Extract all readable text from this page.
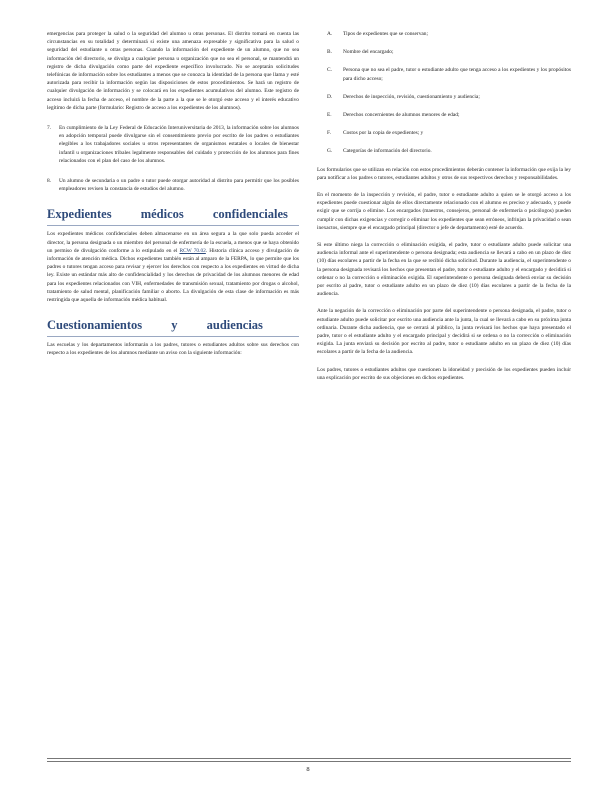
emergencias para proteger la salud o la seguridad del alumno u otras personas. El distrito tomará en cuenta las circunstancias en su totalidad y determinará si existe una amenaza expresable y significativa para la salud o seguridad del estudiante u otras personas. Cuando la información del expediente de un alumno, que no sea información del directorio, se divulga a cualquier persona u organización que no sea el personal, se mantendrá un registro de dicha divulgación como parte del expediente específico involucrado. No se aceptarán solicitudes telefónicas de información sobre los estudiantes a menos que se conozca la identidad de la persona que llama y esté autorizada para recibir la información según las disposiciones de estos procedimientos. Se hará un registro de cualquier divulgación de información y se colocará en los expedientes acumulativos del alumno. Este registro de acceso incluirá la fecha de acceso, el nombre de la parte a la que se le otorgó este acceso y el interés educativo legítimo de dicha parte (formulario: Registro de acceso a los expedientes de los alumnos).

7.	En cumplimiento de la Ley Federal de Educación Interuniversitaria de 2013, la información sobre los alumnos en adopción temporal puede divulgarse sin el consentimiento previo por escrito de los padres o estudiantes elegibles a los trabajadores sociales u otros representantes de organismos estatales o locales de bienestar infantil u organizaciones tribales legalmente responsables del cuidado y protección de los alumnos para fines relacionados con el plan del caso de los alumnos.

8.	Un alumno de secundaria o un padre o tutor puede otorgar autoridad al distrito para permitir que los posibles empleadores revisen la constancia de estudios del alumno.

Expedientes médicos confidenciales

Los expedientes médicos confidenciales deben almacenarse en un área segura a la que solo pueda acceder el director, la persona designada o un miembro del personal de enfermería de la escuela, a menos que se haya obtenido un permiso de divulgación conforme a lo estipulado en el RCW 70.02. Historia clínica acceso y divulgación de información de atención médica. Dichos expedientes también están al amparo de la FERPA, lo que permite que los padres o tutores tengan acceso para revisar y ejercer los derechos con respecto a los expedientes en virtud de dicha ley. Existe un estándar más alto de confidencialidad y los derechos de privacidad de los alumnos menores de edad para los expedientes relacionados con VIH, enfermedades de transmisión sexual, tratamiento por drogas o alcohol, tratamiento de salud mental, planificación familiar o aborto. La divulgación de esta clase de información es más restringida que aquella de información médica habitual.

Cuestionamientos y audiencias

Las escuelas y los departamentos informarán a los padres, tutores o estudiantes adultos sobre sus derechos con respecto a los expedientes de los alumnos mediante un aviso con la siguiente información:

A.	Tipos de expedientes que se conservan;
B.	Nombre del encargado;
C.	Persona que no sea el padre, tutor o estudiante adulto que tenga acceso a los expedientes y los propósitos para dicho acceso;
D.	Derechos de inspección, revisión, cuestionamiento y audiencia;
E.	Derechos concernientes de alumnos menores de edad;
F.	Costos por la copia de expedientes; y
G.	Categorías de información del directorio.

Los formularios que se utilizan en relación con estos procedimientos deberán contener la información que exija la ley para notificar a los padres o tutores, estudiantes adultos y otros de sus respectivos derechos y responsabilidades.

En el momento de la inspección y revisión, el padre, tutor o estudiante adulto a quien se le otorgó acceso a los expedientes puede cuestionar algún de ellos directamente relacionado con el alumno es preciso y adecuado, y puede exigir que se corrija o elimine. Los encargados (maestros, consejeros, personal de enfermería o psicólogos) pueden cumplir con dichas exigencias y corregir o eliminar los expedientes que sean erróneos, infrinjan la privacidad o sean inexactos, siempre que el encargado principal (director o jefe de departamento) esté de acuerdo.

Si este último niega la corrección o eliminación exigida, el padre, tutor o estudiante adulto puede solicitar una audiencia informal ante el superintendente o persona designada; esta audiencia se llevará a cabo en un plazo de diez (10) días escolares a partir de la fecha en la que se recibió dicha solicitud. Durante la audiencia, el superintendente o la persona designada revisará los hechos que presentan el padre, tutor o estudiante adulto y el encargado y decidirá si ordenar o no la corrección o eliminación exigida. El superintendente o persona designada deberá enviar su decisión por escrito al padre, tutor o estudiante adulto en un plazo de diez (10) días escolares a partir de la fecha de la audiencia.

Ante la negación de la corrección o eliminación por parte del superintendente o persona designada, el padre, tutor o estudiante adulto puede solicitar por escrito una audiencia ante la junta, la cual se llevará a cabo en su próxima junta ordinaria. Durante dicha audiencia, que se cerrará al público, la junta revisará los hechos que haya presentado el padre, tutor o el estudiante adulto y el encargado principal y decidirá si se ordena o no la corrección o eliminación exigida. La junta enviará su decisión por escrito al padre, tutor o estudiante adulto en un plazo de diez (10) días escolares a partir de la fecha de la audiencia.

Los padres, tutores o estudiantes adultos que cuestionen la idoneidad y precisión de los expedientes pueden incluir una explicación por escrito de sus objeciones en dichos expedientes.

8
